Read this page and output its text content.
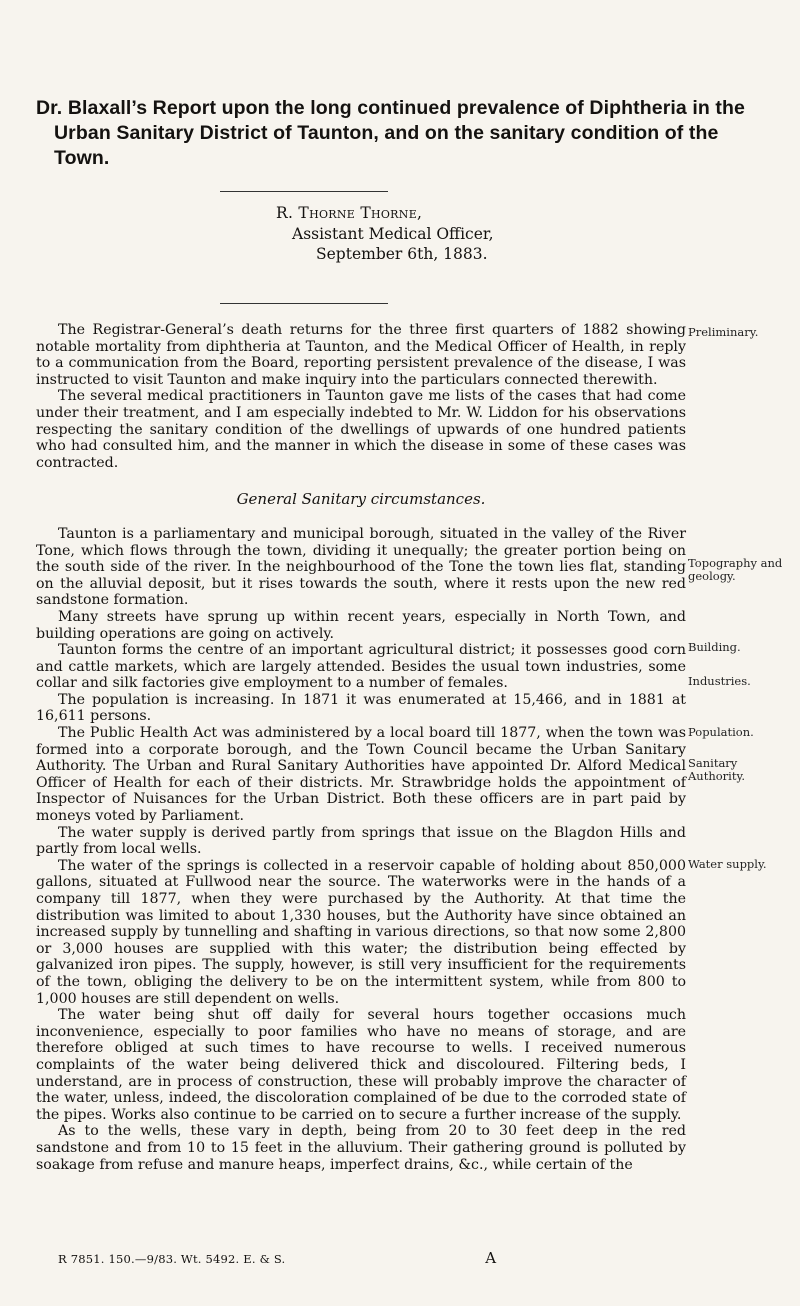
Dr. Blaxall’s Report upon the long continued prevalence of Diphtheria in the Urban Sanitary District of Taunton, and on the sanitary condition of the Town.
R. Thorne Thorne,
Assistant Medical Officer,
September 6th, 1883.

The Registrar-General’s death returns for the three first quarters of 1882 showing notable mortality from diphtheria at Taunton, and the Medical Officer of Health, in reply to a communication from the Board, reporting persistent prevalence of the disease, I was instructed to visit Taunton and make inquiry into the particulars connected therewith.

The several medical practitioners in Taunton gave me lists of the cases that had come under their treatment, and I am especially indebted to Mr. W. Liddon for his observations respecting the sanitary condition of the dwellings of upwards of one hundred patients who had consulted him, and the manner in which the disease in some of these cases was contracted.

General Sanitary circumstances.

Taunton is a parliamentary and municipal borough, situated in the valley of the River Tone, which flows through the town, dividing it unequally; the greater portion being on the south side of the river. In the neighbourhood of the Tone the town lies flat, standing on the alluvial deposit, but it rises towards the south, where it rests upon the new red sandstone formation.

Many streets have sprung up within recent years, especially in North Town, and building operations are going on actively.

Taunton forms the centre of an important agricultural district; it possesses good corn and cattle markets, which are largely attended. Besides the usual town industries, some collar and silk factories give employment to a number of females.

The population is increasing. In 1871 it was enumerated at 15,466, and in 1881 at 16,611 persons.

The Public Health Act was administered by a local board till 1877, when the town was formed into a corporate borough, and the Town Council became the Urban Sanitary Authority. The Urban and Rural Sanitary Authorities have appointed Dr. Alford Medical Officer of Health for each of their districts. Mr. Strawbridge holds the appointment of Inspector of Nuisances for the Urban District. Both these officers are in part paid by moneys voted by Parliament.

The water supply is derived partly from springs that issue on the Blagdon Hills and partly from local wells.

The water of the springs is collected in a reservoir capable of holding about 850,000 gallons, situated at Fullwood near the source. The waterworks were in the hands of a company till 1877, when they were purchased by the Authority. At that time the distribution was limited to about 1,330 houses, but the Authority have since obtained an increased supply by tunnelling and shafting in various directions, so that now some 2,800 or 3,000 houses are supplied with this water; the distribution being effected by galvanized iron pipes. The supply, however, is still very insufficient for the requirements of the town, obliging the delivery to be on the intermittent system, while from 800 to 1,000 houses are still dependent on wells.

The water being shut off daily for several hours together occasions much inconvenience, especially to poor families who have no means of storage, and are therefore obliged at such times to have recourse to wells. I received numerous complaints of the water being delivered thick and discoloured. Filtering beds, I understand, are in process of construction, these will probably improve the character of the water, unless, indeed, the discoloration complained of be due to the corroded state of the pipes. Works also continue to be carried on to secure a further increase of the supply.

As to the wells, these vary in depth, being from 20 to 30 feet deep in the red sandstone and from 10 to 15 feet in the alluvium. Their gathering ground is polluted by soakage from refuse and manure heaps, imperfect drains, &c., while certain of the

Preliminary.
Topography and geology.
Building.
Industries.
Population.
Sanitary Authority.
Water supply.
R 7851. 150.—9/83. Wt. 5492. E. & S.	A
